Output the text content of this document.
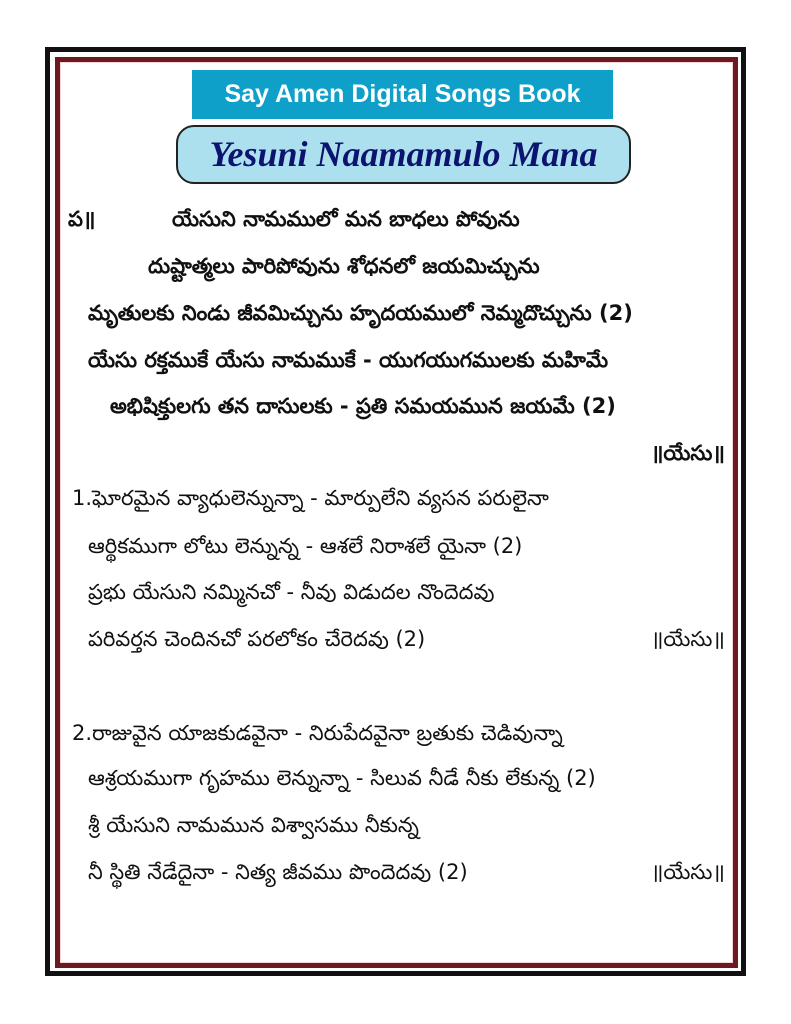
Say Amen Digital Songs Book
Yesuni Naamamulo Mana
ప॥	యేసుని నామములో మన బాధలు పోవును
దుష్టాత్మలు పారిపోవును శోధనలో జయమిచ్చును
మృతులకు నిండు జీవమిచ్చును హృదయములో నెమ్మదొచ్చును (2)
యేసు రక్తముకే యేసు నామముకే - యుగయుగములకు మహిమే
అభిషిక్తులగు తన దాసులకు - ప్రతి సమయమున జయమే (2)
॥యేసు॥
1. ఘోరమైన వ్యాధులెన్నున్నా - మార్పులేని వ్యసన పరులైనా
ఆర్థికముగా లోటు లెన్నున్న - ఆశలే నిరాశలే యైనా (2)
ప్రభు యేసుని నమ్మినచో - నీవు విడుదల నొందెదవు
పరివర్తన చెందినచో పరలోకం చేరెదవు (2)	॥యేసు॥
2. రాజువైన యాజకుడవైనా - నిరుపేదవైనా బ్రతుకు చెడివున్నా
ఆశ్రయముగా గృహము లెన్నున్నా - సిలువ నీడే నీకు లేకున్న (2)
శ్రీ యేసుని నామమున విశ్వాసము నీకున్న
నీ స్థితి నేడేదైనా - నిత్య జీవము పొందెదవు (2)	॥యేసు॥
